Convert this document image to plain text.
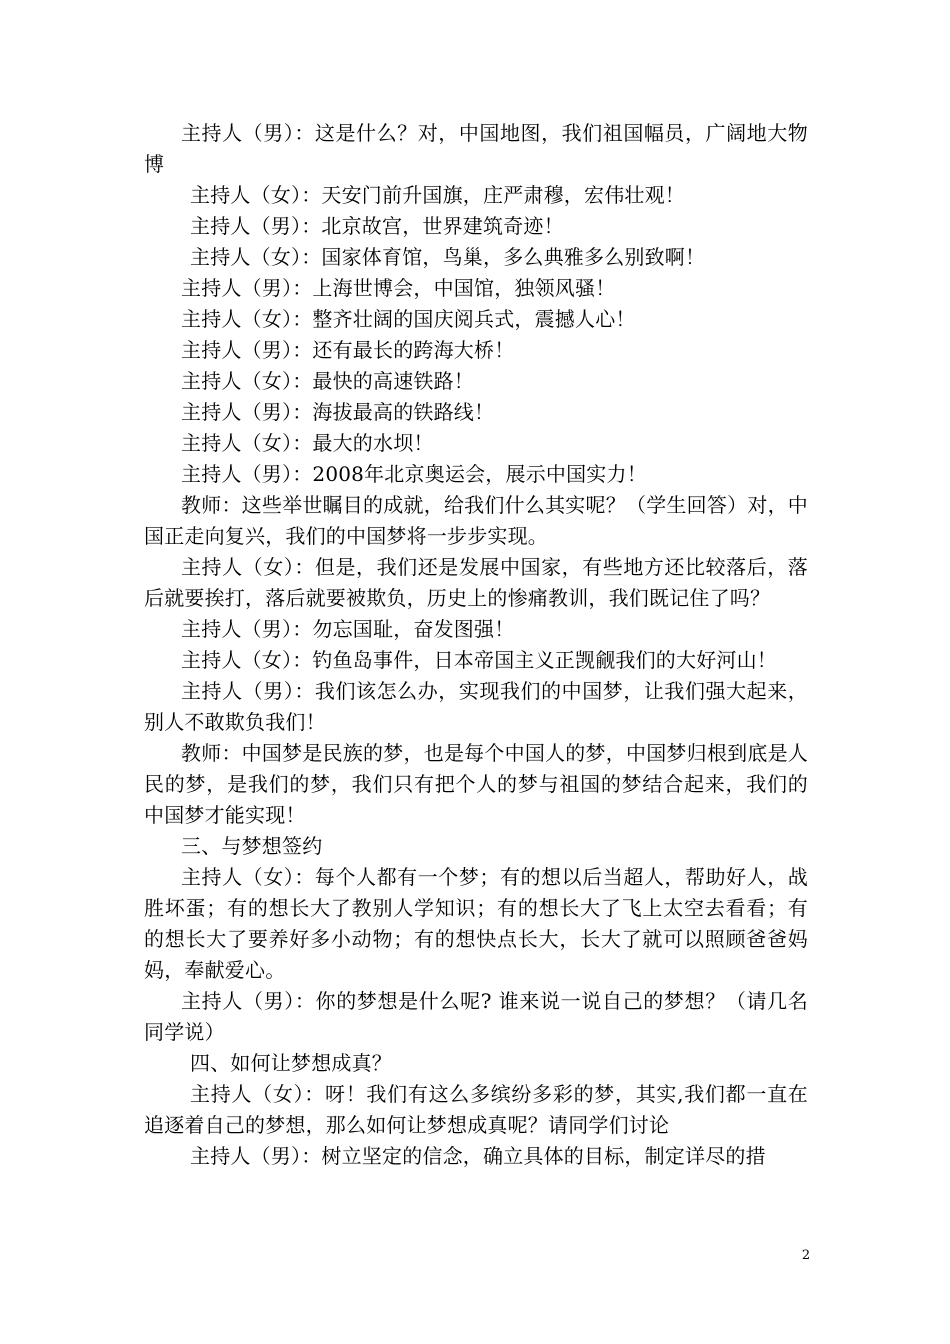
主持人（男）：这是什么？对，中国地图，我们祖国幅员，广阔地大物博

主持人（女）：天安门前升国旗，庄严肃穆，宏伟壮观！

主持人（男）：北京故宫，世界建筑奇迹！

主持人（女）：国家体育馆，鸟巢，多么典雅多么别致啊！

主持人（男）：上海世博会，中国馆，独领风骚！

主持人（女）：整齐壮阔的国庆阅兵式，震撼人心！

主持人（男）：还有最长的跨海大桥！

主持人（女）：最快的高速铁路！

主持人（男）：海拔最高的铁路线！

主持人（女）：最大的水坝！

主持人（男）：2008年北京奥运会，展示中国实力！

教师：这些举世瞩目的成就，给我们什么其实呢？（学生回答）对，中国正走向复兴，我们的中国梦将一步步实现。

主持人（女）：但是，我们还是发展中国家，有些地方还比较落后，落后就要挨打，落后就要被欺负，历史上的惨痛教训，我们既记住了吗？

主持人（男）：勿忘国耻，奋发图强！

主持人（女）：钓鱼岛事件，日本帝国主义正觊觎我们的大好河山！

主持人（男）：我们该怎么办，实现我们的中国梦，让我们强大起来，别人不敢欺负我们！

教师：中国梦是民族的梦，也是每个中国人的梦，中国梦归根到底是人民的梦，是我们的梦，我们只有把个人的梦与祖国的梦结合起来，我们的中国梦才能实现！

三、与梦想签约

主持人（女）：每个人都有一个梦；有的想以后当超人，帮助好人，战胜坏蛋；有的想长大了教别人学知识；有的想长大了飞上太空去看看；有的想长大了要养好多小动物；有的想快点长大，长大了就可以照顾爸爸妈妈，奉献爱心。

主持人（男）：你的梦想是什么呢? 谁来说一说自己的梦想？（请几名同学说）

四、如何让梦想成真？

主持人（女）：呀！我们有这么多缤纷多彩的梦，其实,我们都一直在追逐着自己的梦想，那么如何让梦想成真呢？请同学们讨论

主持人（男）：树立坚定的信念，确立具体的目标，制定详尽的措

2
